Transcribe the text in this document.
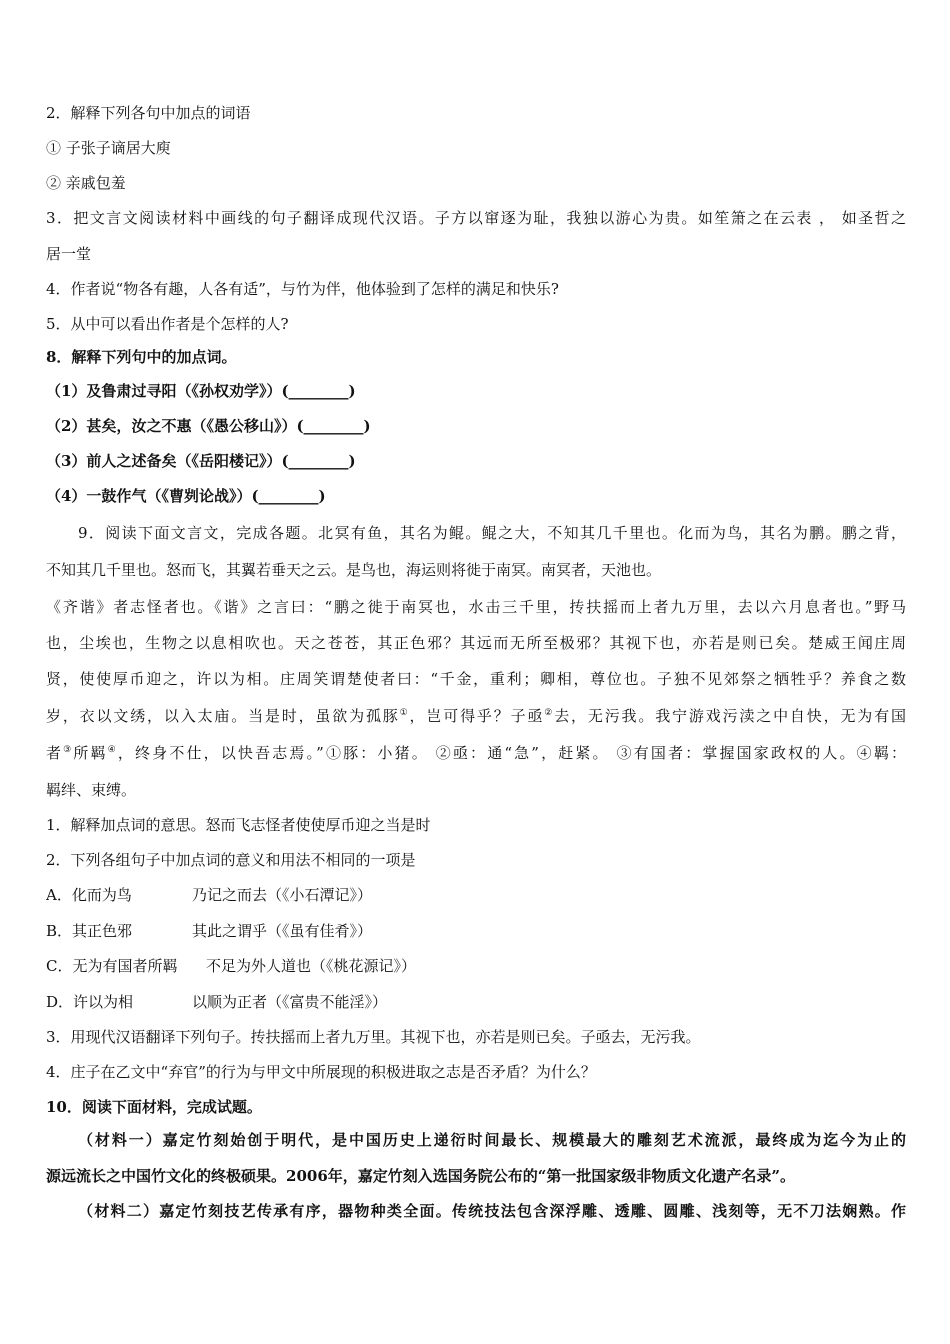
2．解释下列各句中加点的词语
① 子张子谪居大庾
② 亲戚包羞
3．把文言文阅读材料中画线的句子翻译成现代汉语。子方以窜逐为耻，我独以游心为贵。如笙箫之在云表 ， 如圣哲之
居一堂
4．作者说“物各有趣，人各有适”，与竹为伴，他体验到了怎样的满足和快乐?
5．从中可以看出作者是个怎样的人?
8．解释下列句中的加点词。
（1）及鲁肃过寻阳（《孙权劝学》）(________)
（2）甚矣，汝之不惠（《愚公移山》）(________)
（3）前人之述备矣（《岳阳楼记》）(________)
（4）一鼓作气（《曹刿论战》）(________)
9．阅读下面文言文，完成各题。北冥有鱼，其名为鲲。鲲之大，不知其几千里也。化而为鸟，其名为鹏。鹏之背，
不知其几千里也。怒而飞，其翼若垂天之云。是鸟也，海运则将徙于南冥。南冥者，天池也。
《齐谐》者志怪者也。《谐》之言曰：“鹏之徙于南冥也，水击三千里，抟扶摇而上者九万里，去以六月息者也。”野马
也，尘埃也，生物之以息相吹也。天之苍苍，其正色邪？其远而无所至极邪？其视下也，亦若是则已矣。楚威王闻庄周
贤，使使厚币迎之，许以为相。庄周笑谓楚使者曰：“千金，重利；卿相，尊位也。子独不见郊祭之牺牲乎？养食之数
岁，衣以文绣，以入太庙。当是时，虽欲为孤豚①，岂可得乎？子亟②去，无污我。我宁游戏污渎之中自快，无为有国
者③所羁④，终身不仕，以快吾志焉。”①豚：小猪。 ②亟：通“急”，赶紧。 ③有国者：掌握国家政权的人。④羁：
羁绊、束缚。
1．解释加点词的意思。怒而飞志怪者使使厚币迎之当是时
2．下列各组句子中加点词的意义和用法不相同的一项是
A．化而为鸟	乃记之而去（《小石潭记》）
B．其正色邪	其此之谓乎（《虽有佳肴》）
C．无为有国者所羁 不足为外人道也（《桃花源记》）
D．许以为相	以顺为正者（《富贵不能淫》）
3．用现代汉语翻译下列句子。抟扶摇而上者九万里。其视下也，亦若是则已矣。子亟去，无污我。
4．庄子在乙文中“弃官”的行为与甲文中所展现的积极进取之志是否矛盾？为什么？
10．阅读下面材料，完成试题。
（材料一）嘉定竹刻始创于明代，是中国历史上递衍时间最长、规模最大的雕刻艺术流派，最终成为迄今为止的
源远流长之中国竹文化的终极硕果。2006年，嘉定竹刻入选国务院公布的“第一批国家级非物质文化遗产名录”。
（材料二）嘉定竹刻技艺传承有序，器物种类全面。传统技法包含深浮雕、透雕、圆雕、浅刻等，无不刀法娴熟。作
